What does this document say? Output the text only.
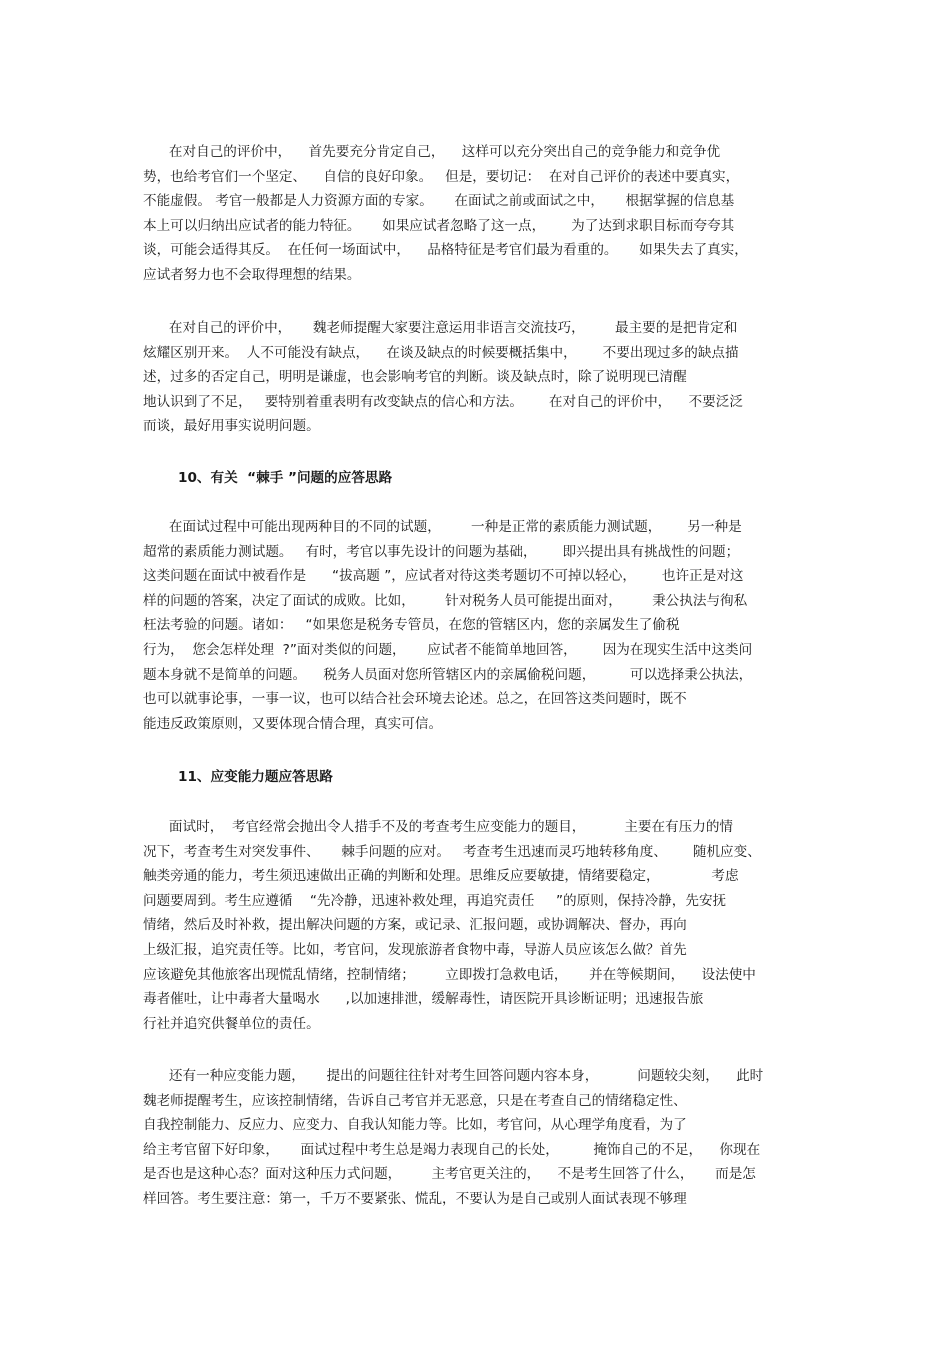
在对自己的评价中，    首先要充分肯定自己，    这样可以充分突出自己的竞争能力和竞争优
势，也给考官们一个坚定、    自信的良好印象。   但是，要切记：  在对自己评价的表述中要真实，
不能虚假。 考官一般都是人力资源方面的专家。     在面试之前或面试之中，     根据掌握的信息基
本上可以归纳出应试者的能力特征。     如果应试者忽略了这一点，      为了达到求职目标而夸夸其
谈，可能会适得其反。  在任何一场面试中，    品格特征是考官们最为看重的。     如果失去了真实，
应试者努力也不会取得理想的结果。
在对自己的评价中，     魏老师提醒大家要注意运用非语言交流技巧，       最主要的是把肯定和
炫耀区别开来。  人不可能没有缺点，    在谈及缺点的时候要概括集中，      不要出现过多的缺点描
述，过多的否定自己，明明是谦虚，也会影响考官的判断。谈及缺点时，除了说明现已清醒
地认识到了不足，   要特别着重表明有改变缺点的信心和方法。      在对自己的评价中，    不要泛泛
而谈，最好用事实说明问题。
10、有关  “棘手 ”问题的应答思路
在面试过程中可能出现两种目的不同的试题，       一种是正常的素质能力测试题，      另一种是
超常的素质能力测试题。   有时，考官以事先设计的问题为基础，      即兴提出具有挑战性的问题；
这类问题在面试中被看作是      “拔高题 ”，应试者对待这类考题切不可掉以轻心，      也许正是对这
样的问题的答案，决定了面试的成败。比如，       针对税务人员可能提出面对，       秉公执法与徇私
枉法考验的问题。诸如：   “如果您是税务专管员，在您的管辖区内，您的亲属发生了偷税
行为，  您会怎样处理  ?”面对类似的问题，     应试者不能简单地回答，      因为在现实生活中这类问
题本身就不是简单的问题。    税务人员面对您所管辖区内的亲属偷税问题，        可以选择秉公执法，
也可以就事论事，一事一议，也可以结合社会环境去论述。总之，在回答这类问题时，既不
能违反政策原则，又要体现合情合理，真实可信。
11、应变能力题应答思路
面试时，  考官经常会抛出令人措手不及的考查考生应变能力的题目，         主要在有压力的情
况下，考查考生对突发事件、     棘手问题的应对。   考查考生迅速而灵巧地转移角度、      随机应变、
触类旁通的能力，考生须迅速做出正确的判断和处理。思维反应要敏捷，情绪要稳定，            考虑
问题要周到。考生应遵循    “先冷静，迅速补救处理，再追究责任     ”的原则，保持冷静，先安抚
情绪，然后及时补救，提出解决问题的方案，或记录、汇报问题，或协调解决、督办，再向
上级汇报，追究责任等。比如，考官问，发现旅游者食物中毒，导游人员应该怎么做？首先
应该避免其他旅客出现慌乱情绪，控制情绪；       立即拨打急救电话，     并在等候期间，    设法使中
毒者催吐，让中毒者大量喝水      ,以加速排泄，缓解毒性，请医院开具诊断证明；迅速报告旅
行社并追究供餐单位的责任。
还有一种应变能力题，     提出的问题往往针对考生回答问题内容本身，         问题较尖刻，    此时
魏老师提醒考生，应该控制情绪，告诉自己考官并无恶意，只是在考查自己的情绪稳定性、
自我控制能力、反应力、应变力、自我认知能力等。比如，考官问，从心理学角度看，为了
给主考官留下好印象，     面试过程中考生总是竭力表现自己的长处，        掩饰自己的不足，    你现在
是否也是这种心态？面对这种压力式问题，       主考官更关注的，    不是考生回答了什么，     而是怎
样回答。考生要注意：第一，千万不要紧张、慌乱，不要认为是自己或别人面试表现不够理
